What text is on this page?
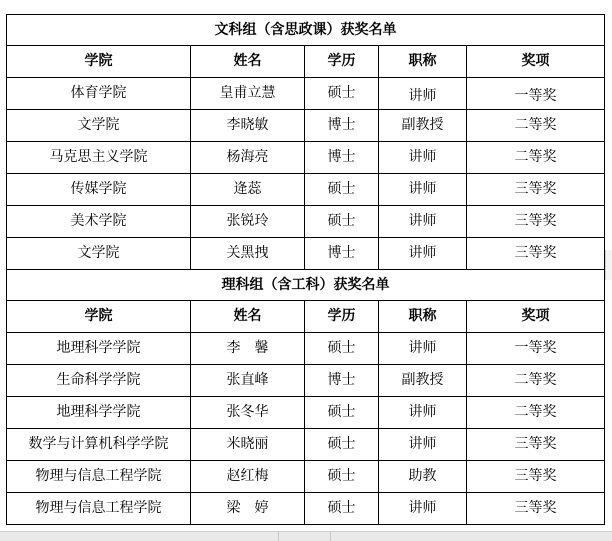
文科组（含思政课）获奖名单				
学院	姓名	学历	职称	奖项
体育学院	皇甫立慧	硕士	讲师	一等奖
文学院	李晓敏	博士	副教授	二等奖
马克思主义学院	杨海亮	博士	讲师	二等奖
传媒学院	逄蕊	硕士	讲师	三等奖
美术学院	张锐玲	硕士	讲师	三等奖
文学院	关黑拽	博士	讲师	三等奖
理科组（含工科）获奖名单				
学院	姓名	学历	职称	奖项
地理科学学院	李　馨	硕士	讲师	一等奖
生命科学学院	张直峰	博士	副教授	二等奖
地理科学学院	张冬华	硕士	讲师	二等奖
数学与计算机科学学院	米晓丽	硕士	讲师	三等奖
物理与信息工程学院	赵红梅	硕士	助教	三等奖
物理与信息工程学院	梁　婷	硕士	讲师	三等奖
